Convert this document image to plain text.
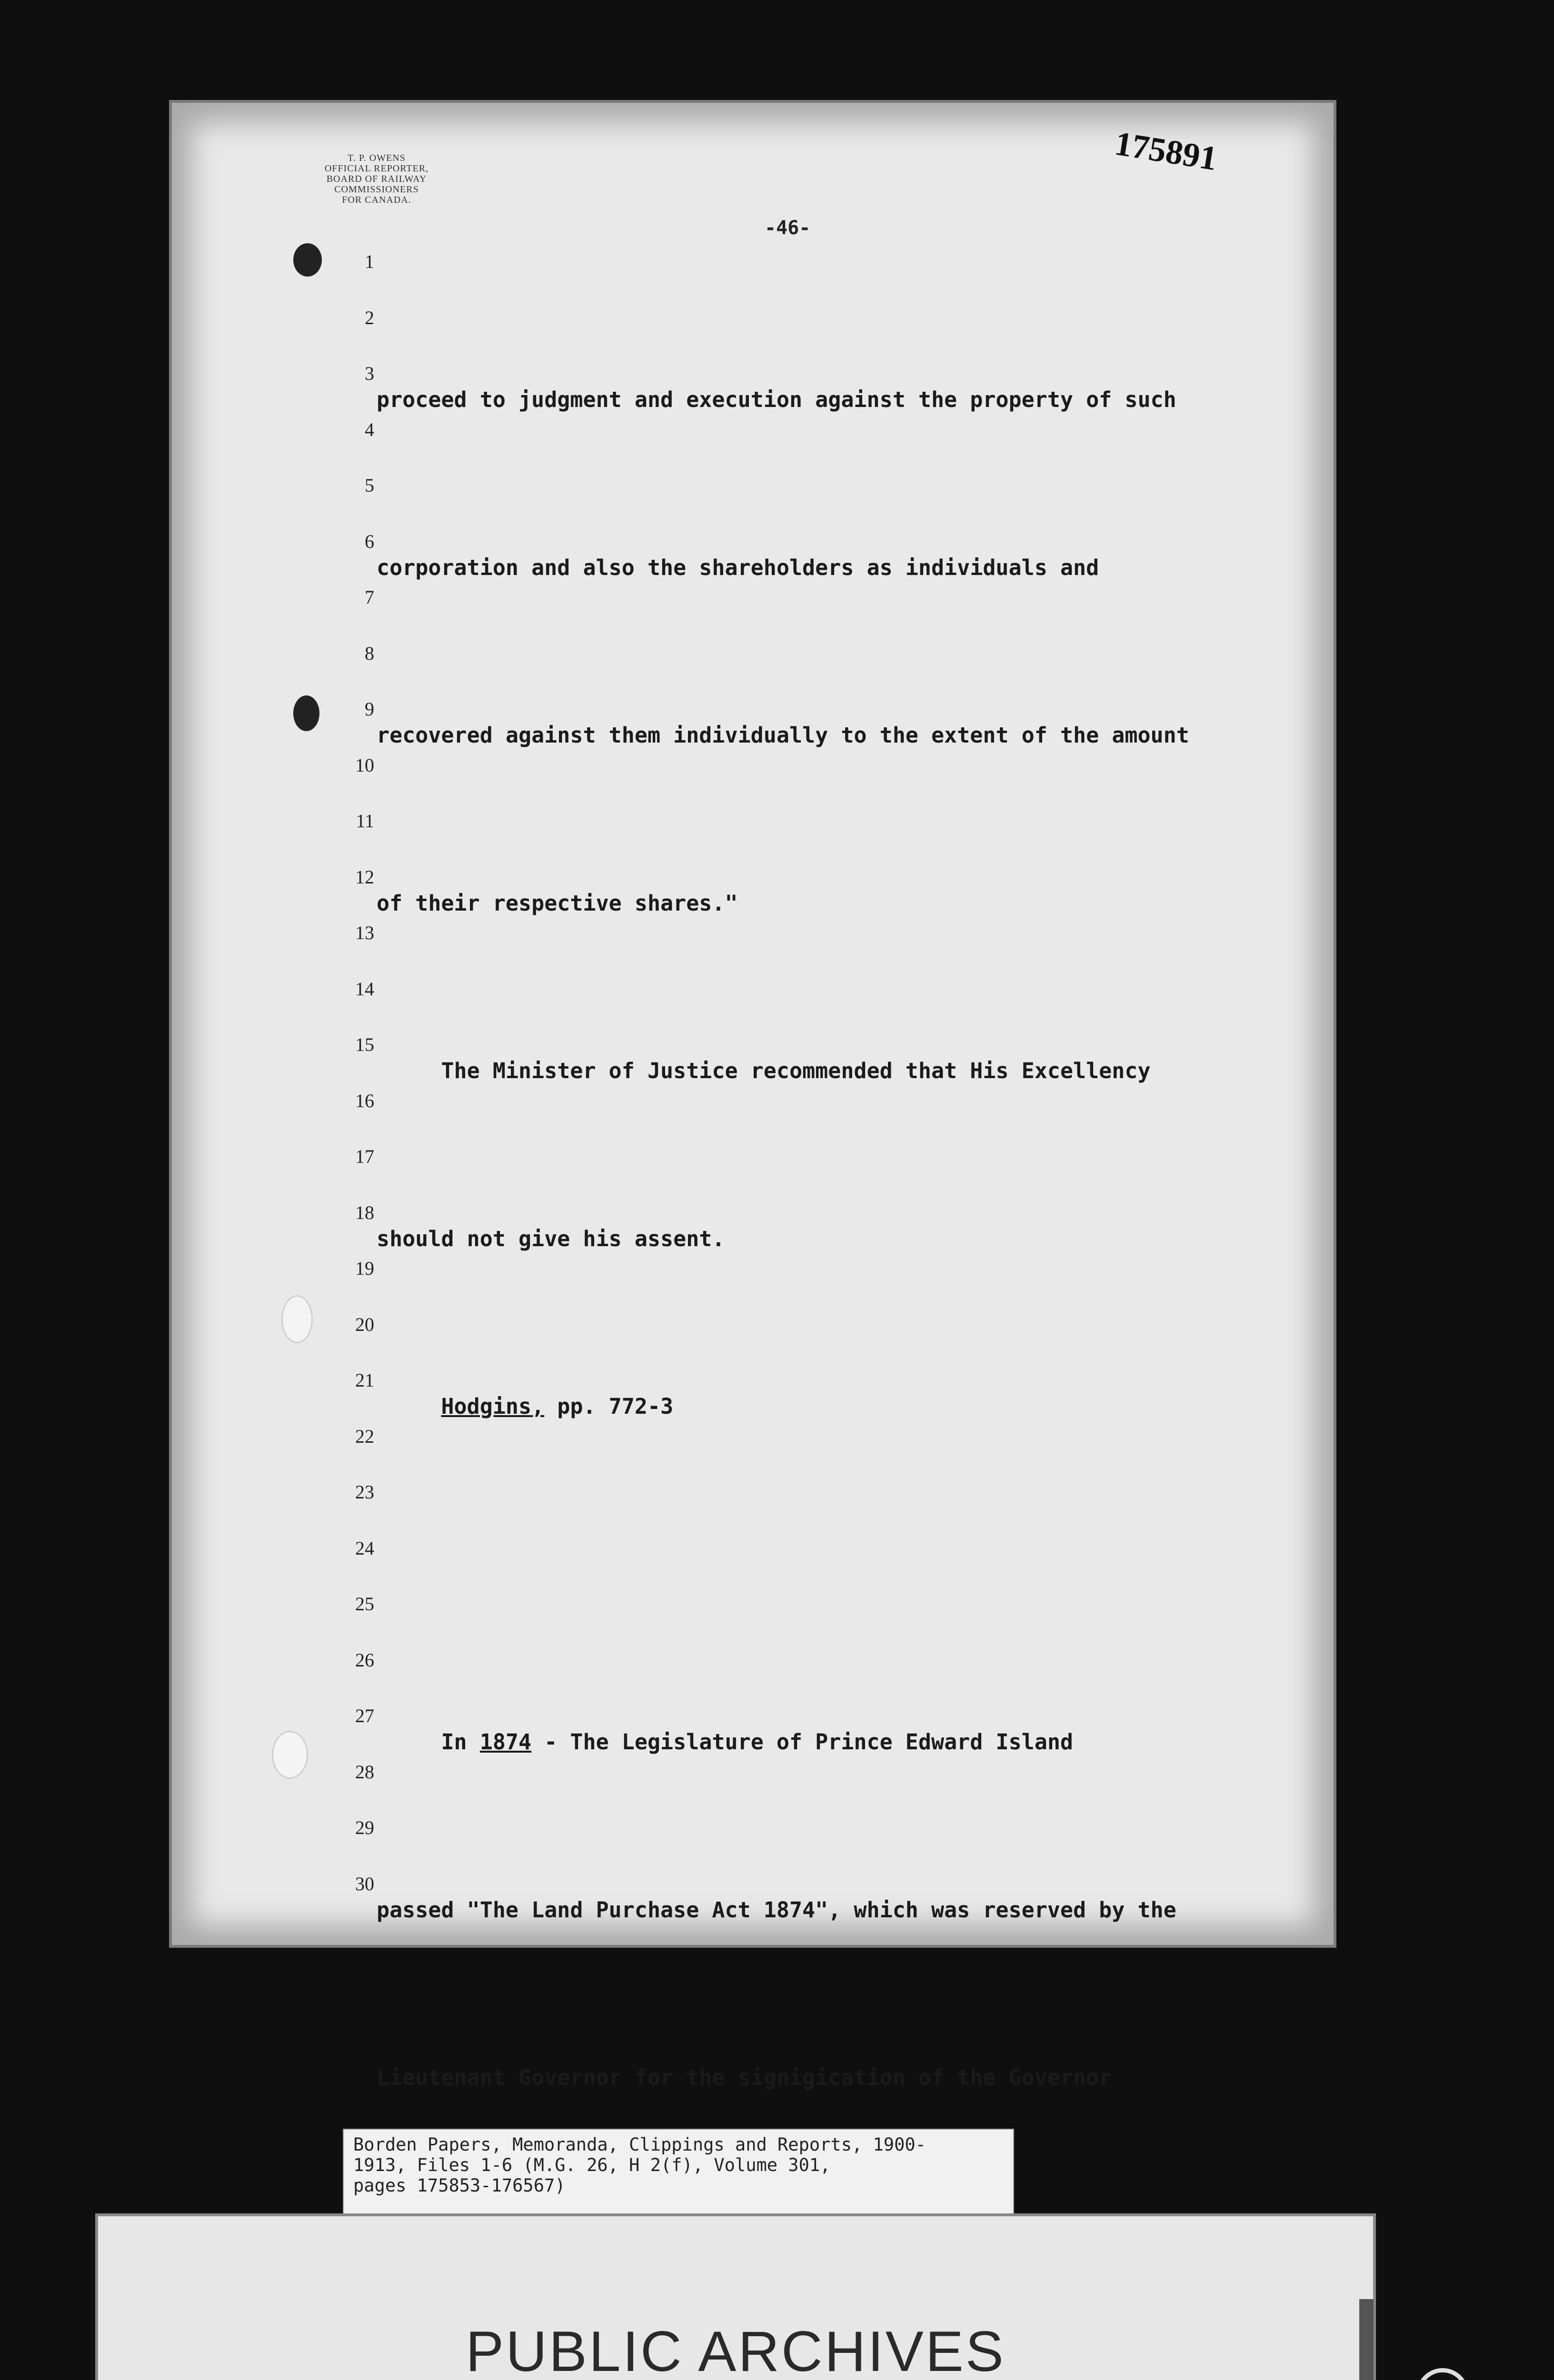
T. P. OWENS
OFFICIAL REPORTER,
BOARD OF RAILWAY
COMMISSIONERS
FOR CANADA.
175891
-46-
1
2
3
4
5
6
7
8
9
10
11
12
13
14
15
16
17
18
19
20
21
22
23
24
25
26
27
28
29
30

proceed to judgment and execution against the property of such

corporation and also the shareholders as individuals and

recovered against them individually to the extent of the amount

of their respective shares."

The Minister of Justice recommended that His Excellency

should not give his assent.

Hodgins, pp. 772-3

In 1874 - The Legislature of Prince Edward Island

passed "The Land Purchase Act 1874", which was reserved by the

Lieutenant Governor for the signigication of the Governor

Borden Papers, Memoranda, Clippings and Reports, 1900-
1913, Files 1-6 (M.G. 26, H 2(f), Volume 301,
pages 175853-176567)
PUBLIC ARCHIVES
